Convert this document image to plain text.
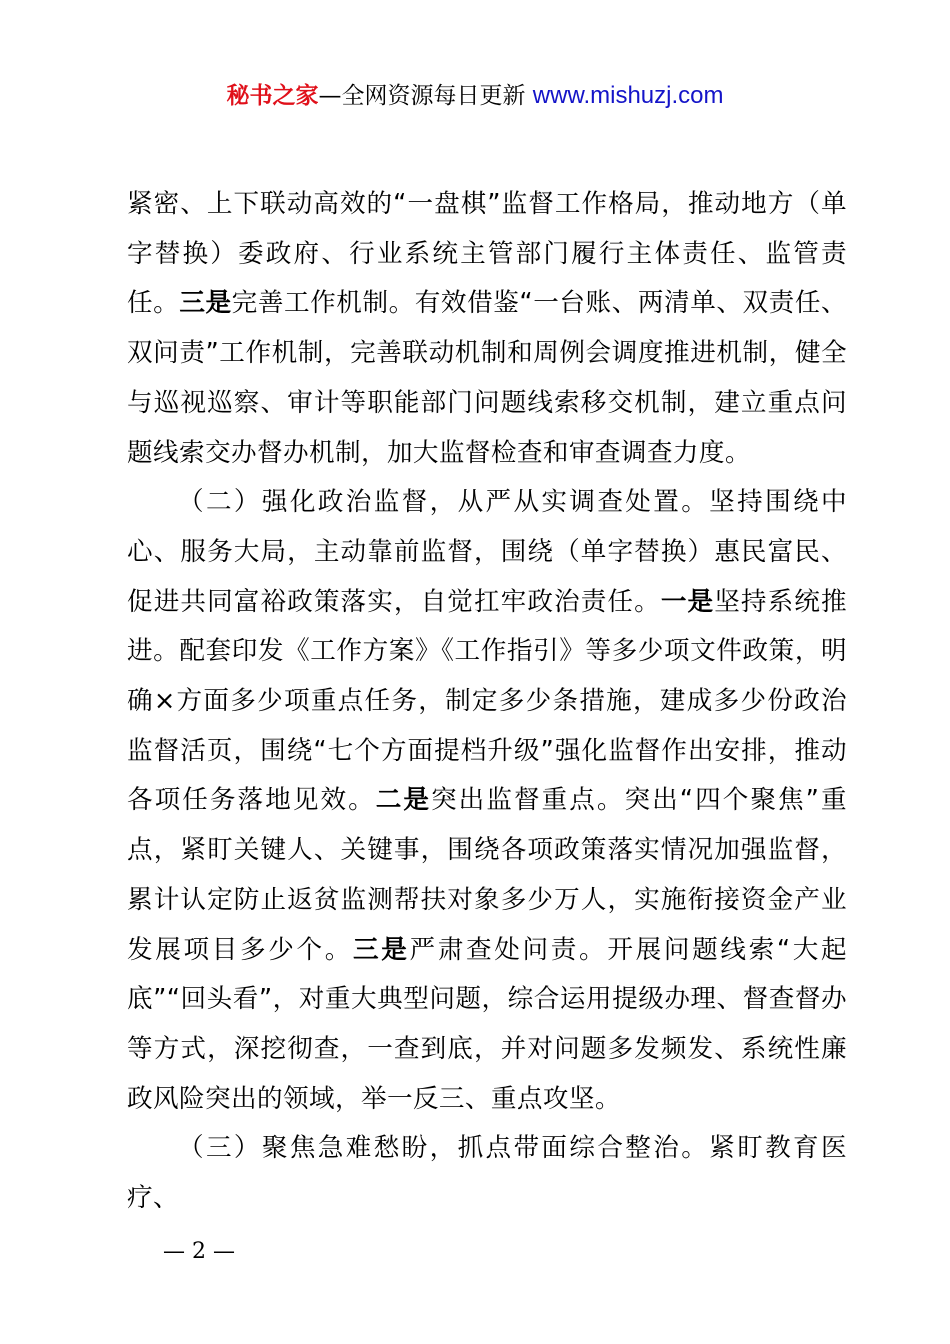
秘书之家—全网资源每日更新 www.mishuzj.com

紧密、上下联动高效的“一盘棋”监督工作格局，推动地方（单字替换）委政府、行业系统主管部门履行主体责任、监管责任。三是完善工作机制。有效借鉴“一台账、两清单、双责任、双问责”工作机制，完善联动机制和周例会调度推进机制，健全与巡视巡察、审计等职能部门问题线索移交机制，建立重点问题线索交办督办机制，加大监督检查和审查调查力度。

（二）强化政治监督，从严从实调查处置。坚持围绕中心、服务大局，主动靠前监督，围绕（单字替换）惠民富民、促进共同富裕政策落实，自觉扛牢政治责任。一是坚持系统推进。配套印发《工作方案》《工作指引》等多少项文件政策，明确×方面多少项重点任务，制定多少条措施，建成多少份政治监督活页，围绕“七个方面提档升级”强化监督作出安排，推动各项任务落地见效。二是突出监督重点。突出“四个聚焦”重点，紧盯关键人、关键事，围绕各项政策落实情况加强监督，累计认定防止返贫监测帮扶对象多少万人，实施衔接资金产业发展项目多少个。三是严肃查处问责。开展问题线索“大起底”“回头看”，对重大典型问题，综合运用提级办理、督查督办等方式，深挖彻查，一查到底，并对问题多发频发、系统性廉政风险突出的领域，举一反三、重点攻坚。

（三）聚焦急难愁盼，抓点带面综合整治。紧盯教育医疗、

— 2 —
